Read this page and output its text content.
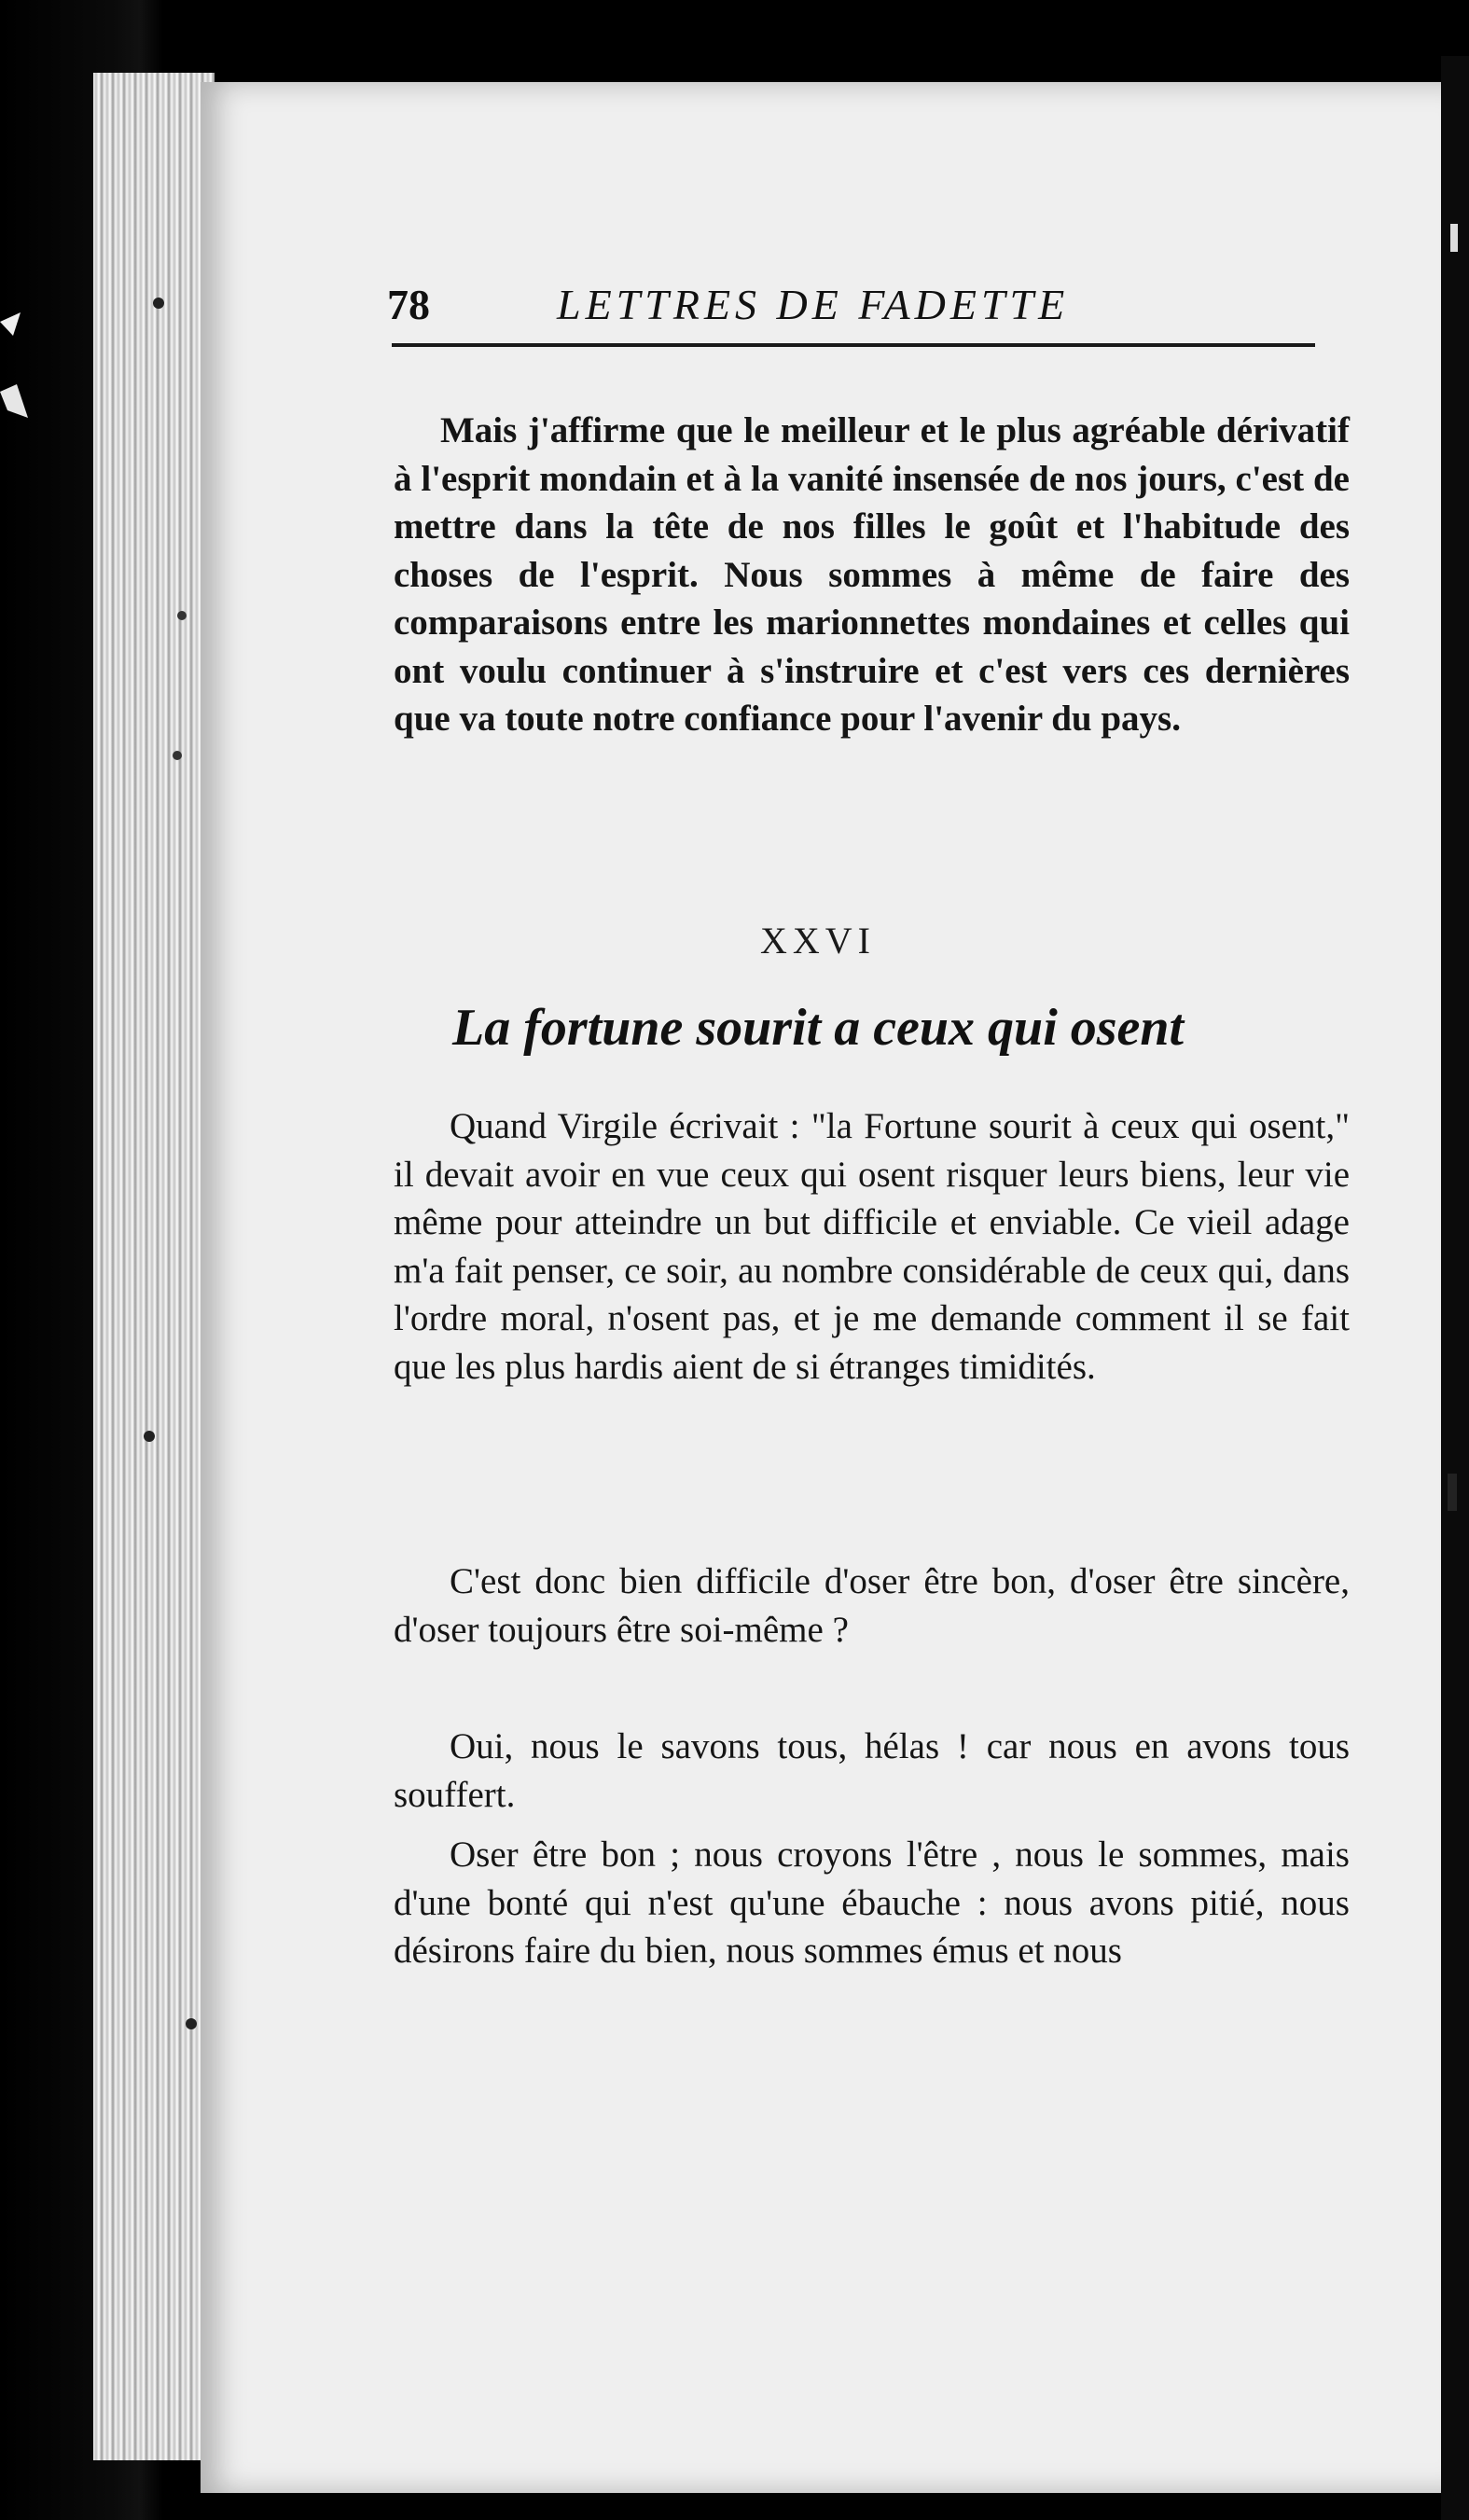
78	LETTRES DE FADETTE

Mais j'affirme que le meilleur et le plus agréable dérivatif à l'esprit mondain et à la vanité insensée de nos jours, c'est de mettre dans la tête de nos filles le goût et l'habitude des choses de l'esprit. Nous sommes à même de faire des comparaisons entre les marionnettes mondaines et celles qui ont voulu continuer à s'instruire et c'est vers ces dernières que va toute notre confiance pour l'avenir du pays.

XXVI
La fortune sourit a ceux qui osent

Quand Virgile écrivait : "la Fortune sourit à ceux qui osent," il devait avoir en vue ceux qui osent risquer leurs biens, leur vie même pour atteindre un but difficile et enviable. Ce vieil adage m'a fait penser, ce soir, au nombre considérable de ceux qui, dans l'ordre moral, n'osent pas, et je me demande comment il se fait que les plus hardis aient de si étranges timidités.

C'est donc bien difficile d'oser être bon, d'oser être sincère, d'oser toujours être soi-même ?

Oui, nous le savons tous, hélas ! car nous en avons tous souffert.

Oser être bon ; nous croyons l'être , nous le sommes, mais d'une bonté qui n'est qu'une ébauche : nous avons pitié, nous désirons faire du bien, nous sommes émus et nous
